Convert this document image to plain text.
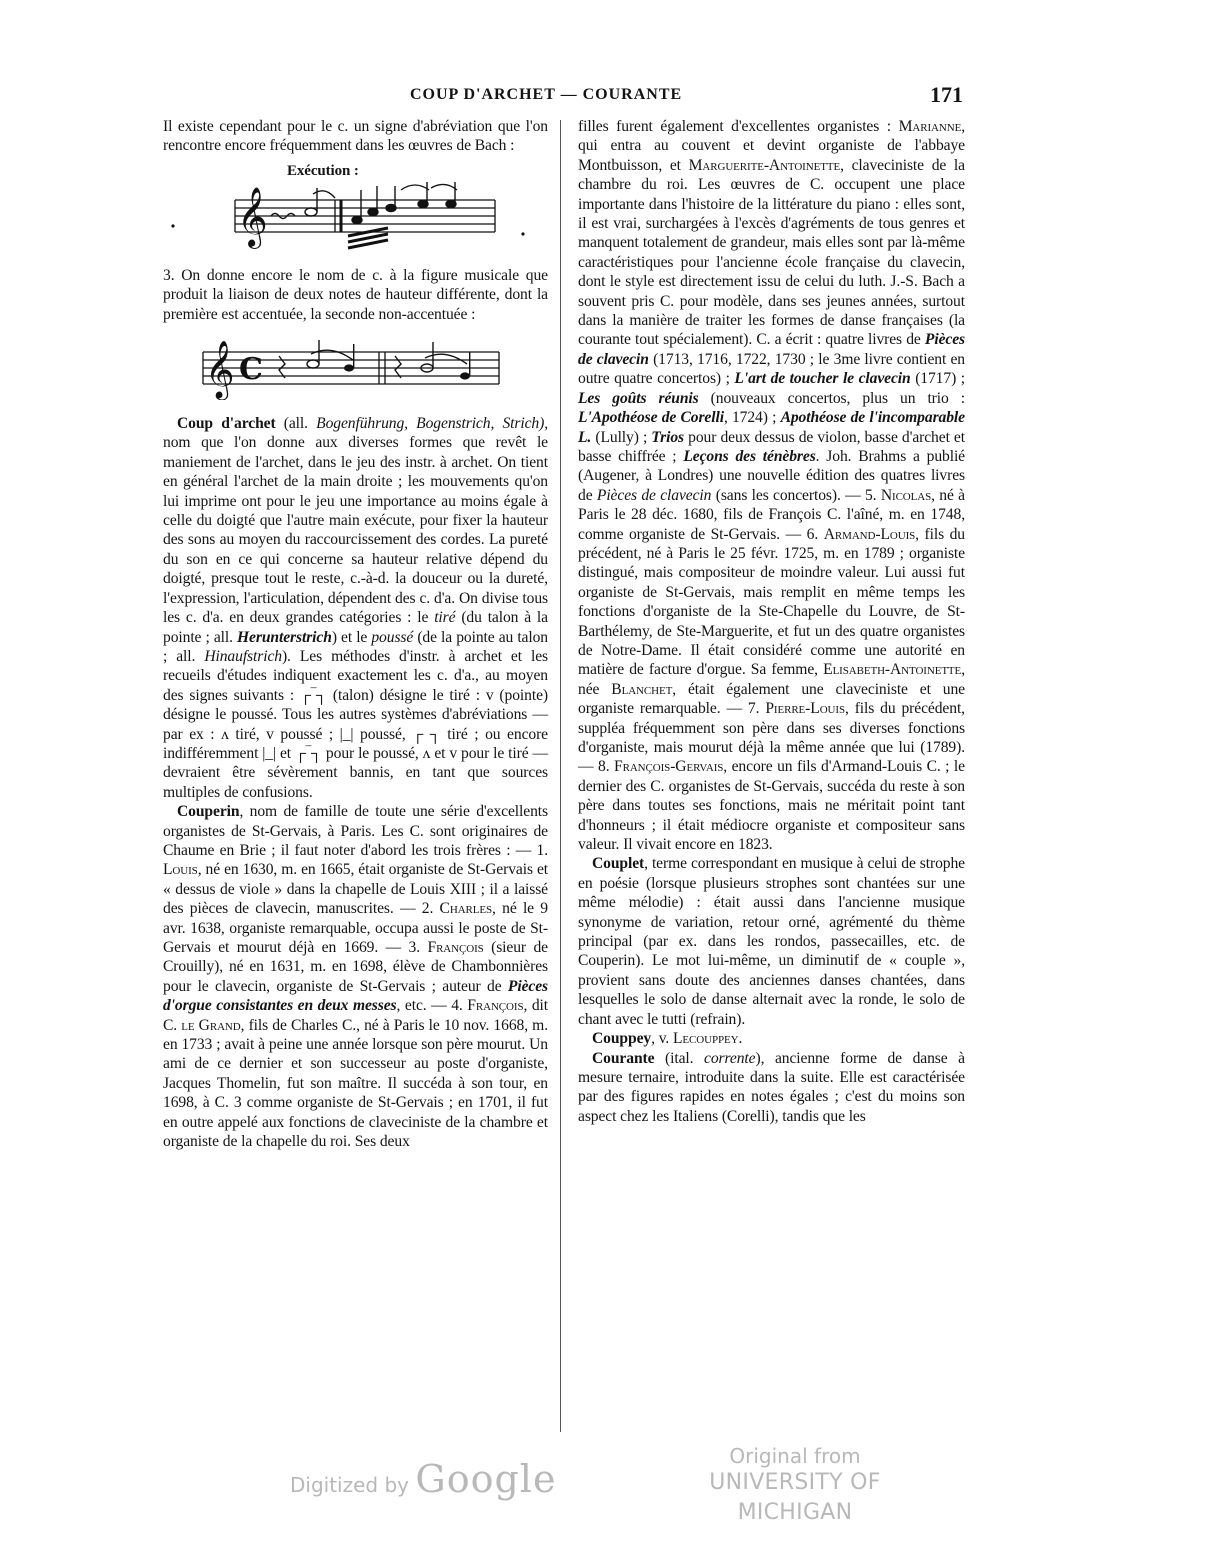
COUP D'ARCHET — COURANTE	171

Il existe cependant pour le c. un signe d'abréviation que l'on rencontre encore fréquemment dans les œuvres de Bach :

Exécution :
𝄞

3. On donne encore le nom de c. à la figure musicale que produit la liaison de deux notes de hauteur différente, dont la première est accentuée, la seconde non-accentuée :

𝄞 C

Coup d'archet (all. Bogenführung, Bogenstrich, Strich), nom que l'on donne aux diverses formes que revêt le maniement de l'archet, dans le jeu des instr. à archet. On tient en général l'archet de la main droite ; les mouvements qu'on lui imprime ont pour le jeu une importance au moins égale à celle du doigté que l'autre main exécute, pour fixer la hauteur des sons au moyen du raccourcissement des cordes. La pureté du son en ce qui concerne sa hauteur relative dépend du doigté, presque tout le reste, c.-à-d. la douceur ou la dureté, l'expression, l'articulation, dépendent des c. d'a. On divise tous les c. d'a. en deux grandes catégories : le tiré (du talon à la pointe ; all. Herunterstrich) et le poussé (de la pointe au talon ; all. Hinaufstrich). Les méthodes d'instr. à archet et les recueils d'études indiquent exactement les c. d'a., au moyen des signes suivants : ┌‾┐ (talon) désigne le tiré : v (pointe) désigne le poussé. Tous les autres systèmes d'abréviations — par ex : ʌ tiré, v poussé ; |_| poussé, ┌ ┐ tiré ; ou encore indifféremment |_| et ┌‾┐ pour le poussé, ʌ et v pour le tiré — devraient être sévèrement bannis, en tant que sources multiples de confusions.

Couperin, nom de famille de toute une série d'excellents organistes de St-Gervais, à Paris. Les C. sont originaires de Chaume en Brie ; il faut noter d'abord les trois frères : — 1. Louis, né en 1630, m. en 1665, était organiste de St-Gervais et « dessus de viole » dans la chapelle de Louis XIII ; il a laissé des pièces de clavecin, manuscrites. — 2. Charles, né le 9 avr. 1638, organiste remarquable, occupa aussi le poste de St-Gervais et mourut déjà en 1669. — 3. François (sieur de Crouilly), né en 1631, m. en 1698, élève de Chambonnières pour le clavecin, organiste de St-Gervais ; auteur de Pièces d'orgue consistantes en deux messes, etc. — 4. François, dit C. le Grand, fils de Charles C., né à Paris le 10 nov. 1668, m. en 1733 ; avait à peine une année lorsque son père mourut. Un ami de ce dernier et son successeur au poste d'organiste, Jacques Thomelin, fut son maître. Il succéda à son tour, en 1698, à C. 3 comme organiste de St-Gervais ; en 1701, il fut en outre appelé aux fonctions de claveciniste de la chambre et organiste de la chapelle du roi. Ses deux

filles furent également d'excellentes organistes : Marianne, qui entra au couvent et devint organiste de l'abbaye Montbuisson, et Marguerite-Antoinette, claveciniste de la chambre du roi. Les œuvres de C. occupent une place importante dans l'histoire de la littérature du piano : elles sont, il est vrai, surchargées à l'excès d'agréments de tous genres et manquent totalement de grandeur, mais elles sont par là-même caractéristiques pour l'ancienne école française du clavecin, dont le style est directement issu de celui du luth. J.-S. Bach a souvent pris C. pour modèle, dans ses jeunes années, surtout dans la manière de traiter les formes de danse françaises (la courante tout spécialement). C. a écrit : quatre livres de Pièces de clavecin (1713, 1716, 1722, 1730 ; le 3me livre contient en outre quatre concertos) ; L'art de toucher le clavecin (1717) ; Les goûts réunis (nouveaux concertos, plus un trio : L'Apothéose de Corelli, 1724) ; Apothéose de l'incomparable L. (Lully) ; Trios pour deux dessus de violon, basse d'archet et basse chiffrée ; Leçons des ténèbres. Joh. Brahms a publié (Augener, à Londres) une nouvelle édition des quatres livres de Pièces de clavecin (sans les concertos). — 5. Nicolas, né à Paris le 28 déc. 1680, fils de François C. l'aîné, m. en 1748, comme organiste de St-Gervais. — 6. Armand-Louis, fils du précédent, né à Paris le 25 févr. 1725, m. en 1789 ; organiste distingué, mais compositeur de moindre valeur. Lui aussi fut organiste de St-Gervais, mais remplit en même temps les fonctions d'organiste de la Ste-Chapelle du Louvre, de St-Barthélemy, de Ste-Marguerite, et fut un des quatre organistes de Notre-Dame. Il était considéré comme une autorité en matière de facture d'orgue. Sa femme, Elisabeth-Antoinette, née Blanchet, était également une claveciniste et une organiste remarquable. — 7. Pierre-Louis, fils du précédent, suppléa fréquemment son père dans ses diverses fonctions d'organiste, mais mourut déjà la même année que lui (1789). — 8. François-Gervais, encore un fils d'Armand-Louis C. ; le dernier des C. organistes de St-Gervais, succéda du reste à son père dans toutes ses fonctions, mais ne méritait point tant d'honneurs ; il était médiocre organiste et compositeur sans valeur. Il vivait encore en 1823.

Couplet, terme correspondant en musique à celui de strophe en poésie (lorsque plusieurs strophes sont chantées sur une même mélodie) : était aussi dans l'ancienne musique synonyme de variation, retour orné, agrémenté du thème principal (par ex. dans les rondos, passecailles, etc. de Couperin). Le mot lui-même, un diminutif de « couple », provient sans doute des anciennes danses chantées, dans lesquelles le solo de danse alternait avec la ronde, le solo de chant avec le tutti (refrain).

Couppey, v. Lecouppey.

Courante (ital. corrente), ancienne forme de danse à mesure ternaire, introduite dans la suite. Elle est caractérisée par des figures rapides en notes égales ; c'est du moins son aspect chez les Italiens (Corelli), tandis que les

Digitized by Google
Original from
UNIVERSITY OF MICHIGAN
